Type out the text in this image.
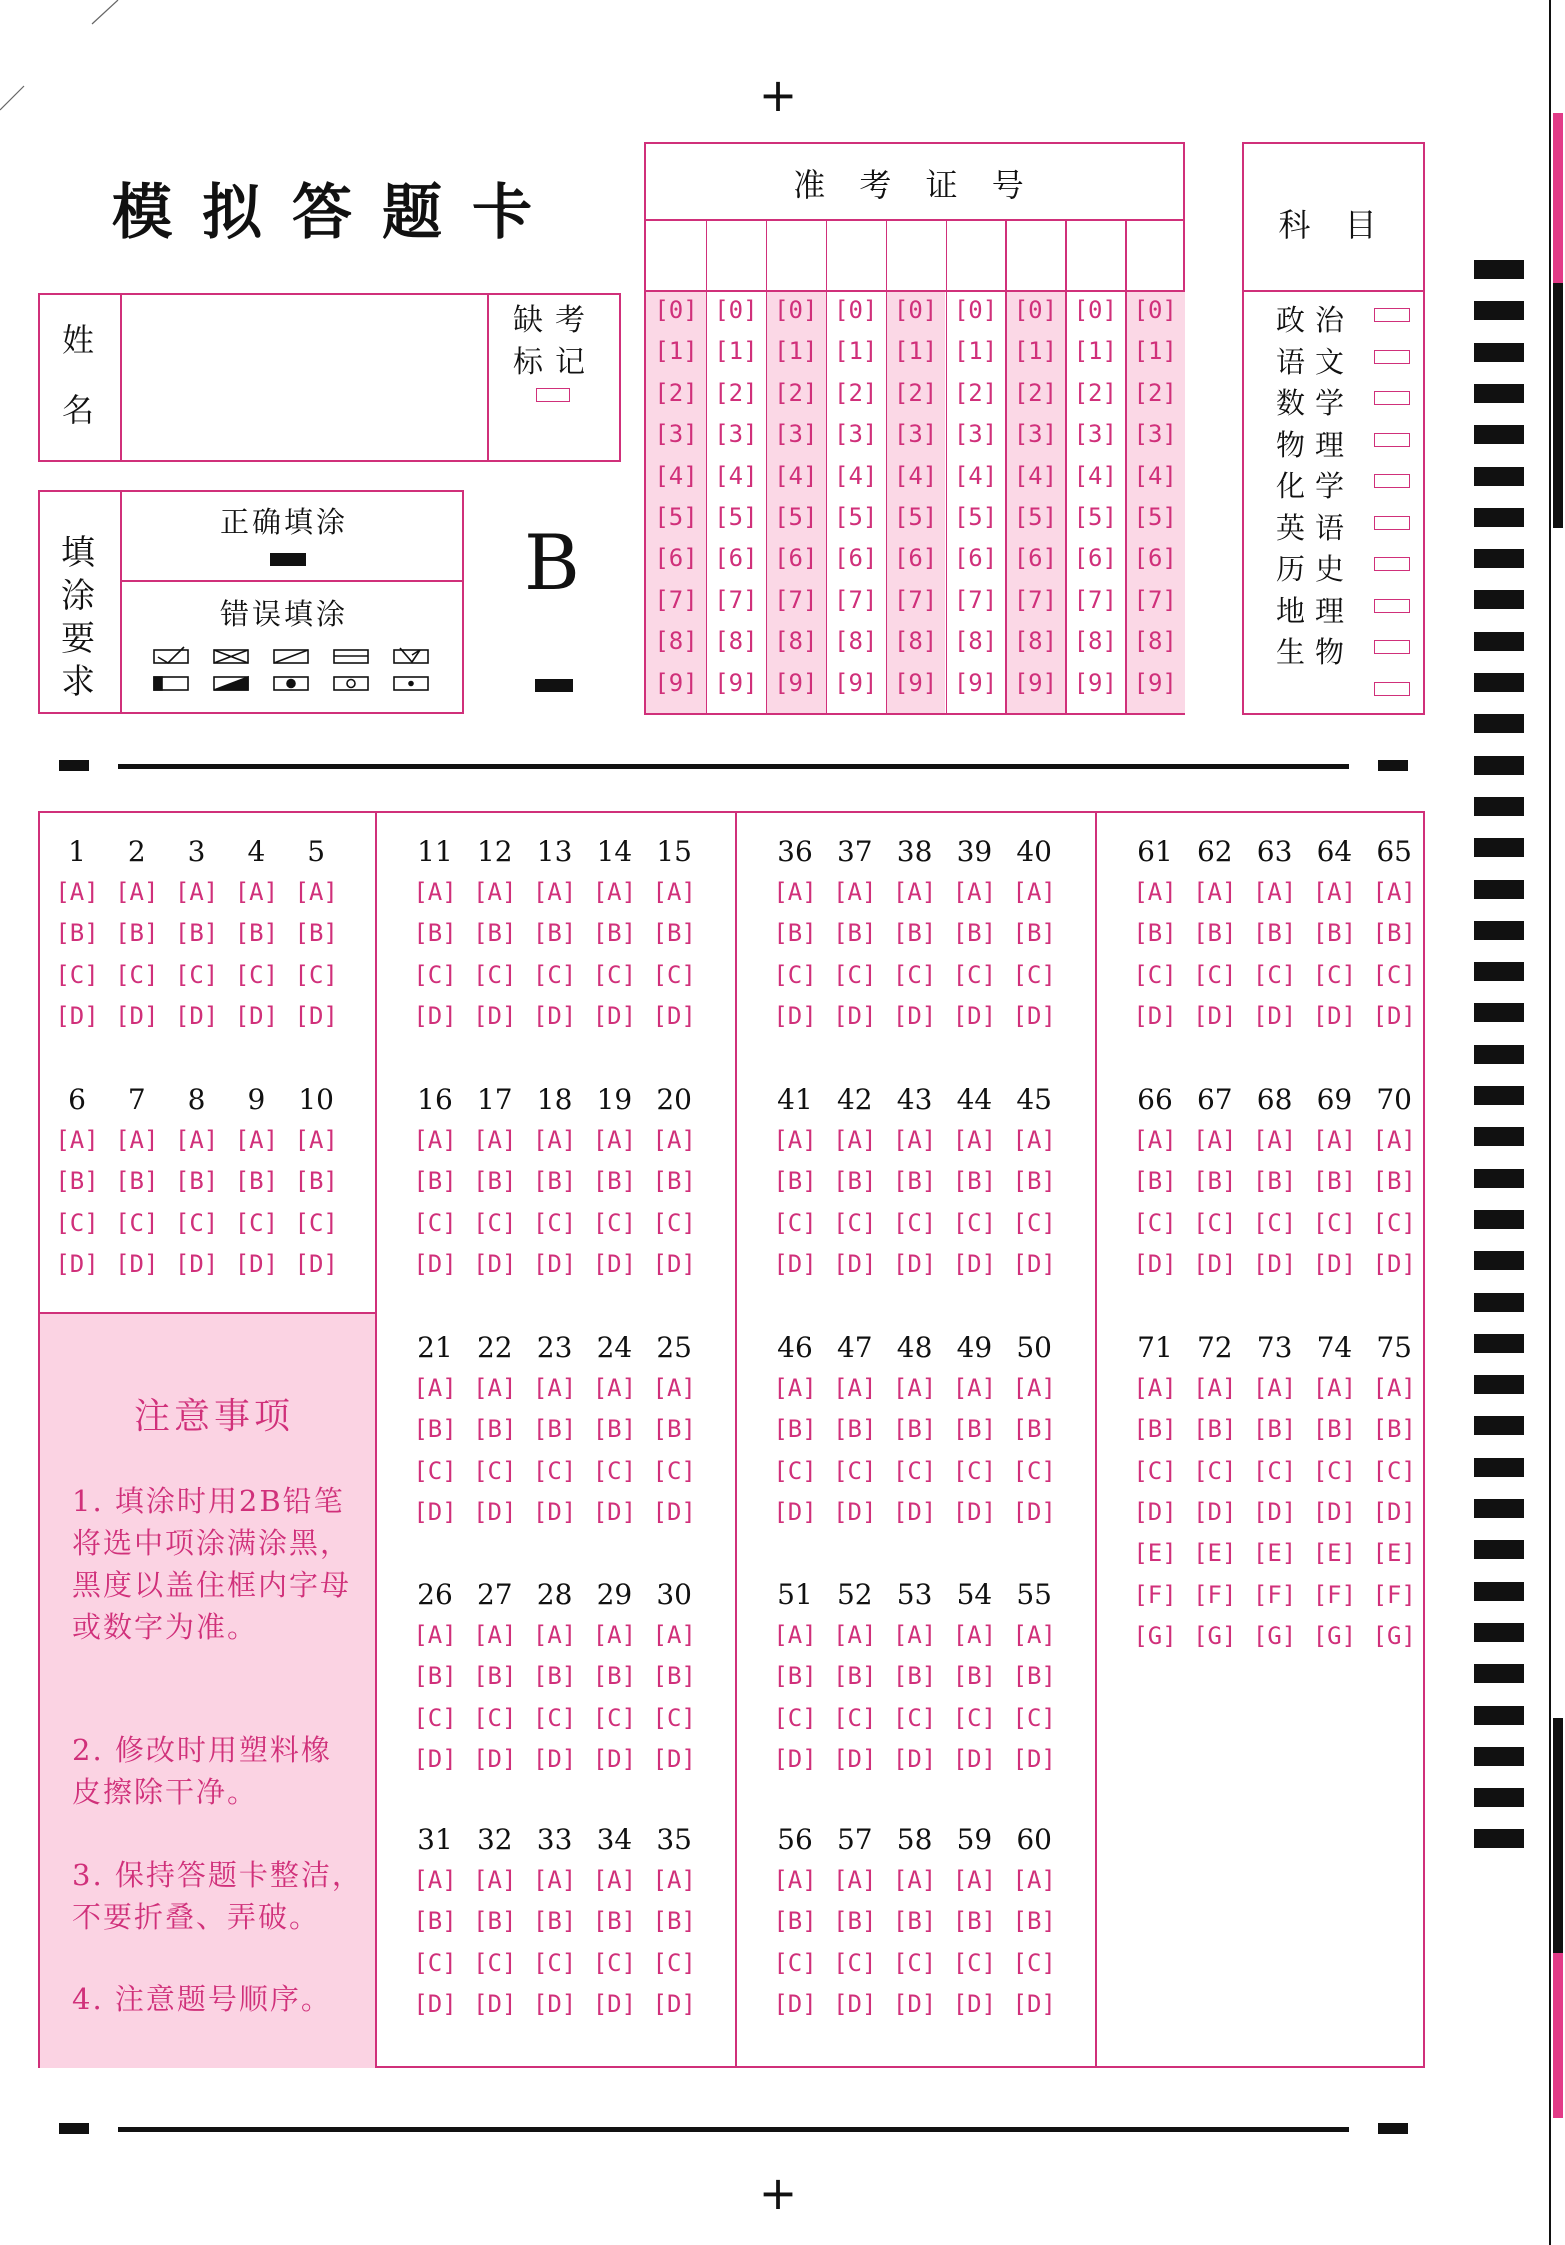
+
+
模拟答题卡
姓名
缺考标记
填涂要求
正确填涂
错误填涂
B
准 考 证 号
[0]
[1]
[2]
[3]
[4]
[5]
[6]
[7]
[8]
[9]
[0]
[1]
[2]
[3]
[4]
[5]
[6]
[7]
[8]
[9]
[0]
[1]
[2]
[3]
[4]
[5]
[6]
[7]
[8]
[9]
[0]
[1]
[2]
[3]
[4]
[5]
[6]
[7]
[8]
[9]
[0]
[1]
[2]
[3]
[4]
[5]
[6]
[7]
[8]
[9]
[0]
[1]
[2]
[3]
[4]
[5]
[6]
[7]
[8]
[9]
[0]
[1]
[2]
[3]
[4]
[5]
[6]
[7]
[8]
[9]
[0]
[1]
[2]
[3]
[4]
[5]
[6]
[7]
[8]
[9]
[0]
[1]
[2]
[3]
[4]
[5]
[6]
[7]
[8]
[9]
科 目
政治
语文
数学
物理
化学
英语
历史
地理
生物
注意事项
1. 填涂时用2B铅笔将选中项涂满涂黑，黑度以盖住框内字母或数字为准。
2. 修改时用塑料橡皮擦除干净。
3. 保持答题卡整洁，不要折叠、弄破。
4. 注意题号顺序。
1
[A]
[B]
[C]
[D]
2
[A]
[B]
[C]
[D]
3
[A]
[B]
[C]
[D]
4
[A]
[B]
[C]
[D]
5
[A]
[B]
[C]
[D]
6
[A]
[B]
[C]
[D]
7
[A]
[B]
[C]
[D]
8
[A]
[B]
[C]
[D]
9
[A]
[B]
[C]
[D]
10
[A]
[B]
[C]
[D]
11
[A]
[B]
[C]
[D]
12
[A]
[B]
[C]
[D]
13
[A]
[B]
[C]
[D]
14
[A]
[B]
[C]
[D]
15
[A]
[B]
[C]
[D]
16
[A]
[B]
[C]
[D]
17
[A]
[B]
[C]
[D]
18
[A]
[B]
[C]
[D]
19
[A]
[B]
[C]
[D]
20
[A]
[B]
[C]
[D]
21
[A]
[B]
[C]
[D]
22
[A]
[B]
[C]
[D]
23
[A]
[B]
[C]
[D]
24
[A]
[B]
[C]
[D]
25
[A]
[B]
[C]
[D]
26
[A]
[B]
[C]
[D]
27
[A]
[B]
[C]
[D]
28
[A]
[B]
[C]
[D]
29
[A]
[B]
[C]
[D]
30
[A]
[B]
[C]
[D]
31
[A]
[B]
[C]
[D]
32
[A]
[B]
[C]
[D]
33
[A]
[B]
[C]
[D]
34
[A]
[B]
[C]
[D]
35
[A]
[B]
[C]
[D]
36
[A]
[B]
[C]
[D]
37
[A]
[B]
[C]
[D]
38
[A]
[B]
[C]
[D]
39
[A]
[B]
[C]
[D]
40
[A]
[B]
[C]
[D]
41
[A]
[B]
[C]
[D]
42
[A]
[B]
[C]
[D]
43
[A]
[B]
[C]
[D]
44
[A]
[B]
[C]
[D]
45
[A]
[B]
[C]
[D]
46
[A]
[B]
[C]
[D]
47
[A]
[B]
[C]
[D]
48
[A]
[B]
[C]
[D]
49
[A]
[B]
[C]
[D]
50
[A]
[B]
[C]
[D]
51
[A]
[B]
[C]
[D]
52
[A]
[B]
[C]
[D]
53
[A]
[B]
[C]
[D]
54
[A]
[B]
[C]
[D]
55
[A]
[B]
[C]
[D]
56
[A]
[B]
[C]
[D]
57
[A]
[B]
[C]
[D]
58
[A]
[B]
[C]
[D]
59
[A]
[B]
[C]
[D]
60
[A]
[B]
[C]
[D]
61
[A]
[B]
[C]
[D]
62
[A]
[B]
[C]
[D]
63
[A]
[B]
[C]
[D]
64
[A]
[B]
[C]
[D]
65
[A]
[B]
[C]
[D]
66
[A]
[B]
[C]
[D]
67
[A]
[B]
[C]
[D]
68
[A]
[B]
[C]
[D]
69
[A]
[B]
[C]
[D]
70
[A]
[B]
[C]
[D]
71
[A]
[B]
[C]
[D]
[E]
[F]
[G]
72
[A]
[B]
[C]
[D]
[E]
[F]
[G]
73
[A]
[B]
[C]
[D]
[E]
[F]
[G]
74
[A]
[B]
[C]
[D]
[E]
[F]
[G]
75
[A]
[B]
[C]
[D]
[E]
[F]
[G]
